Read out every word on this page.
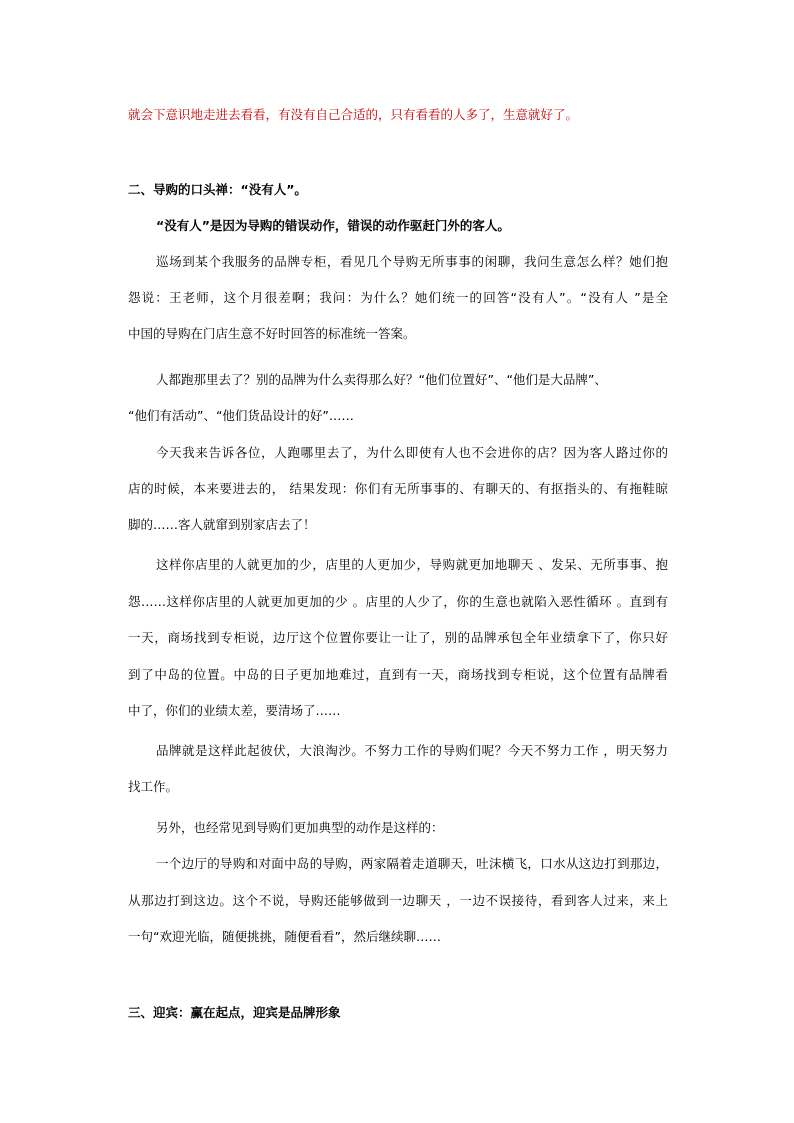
就会下意识地走进去看看，有没有自己合适的，只有看看的人多了，生意就好了。
二、导购的口头禅：“没有人”。
“没有人”是因为导购的错误动作，错误的动作驱赶门外的客人。
巡场到某个我服务的品牌专柜，看见几个导购无所事事的闲聊，我问生意怎么样？她们抱
怨说：王老师，这个月很差啊；我问：为什么？她们统一的回答“没有人”。“没有人 ”是全
中国的导购在门店生意不好时回答的标准统一答案。
人都跑那里去了？别的品牌为什么卖得那么好？“他们位置好”、“他们是大品牌”、
“他们有活动”、“他们货品设计的好”……
今天我来告诉各位，人跑哪里去了，为什么即使有人也不会进你的店？因为客人路过你的
店的时候，本来要进去的， 结果发现：你们有无所事事的、有聊天的、有抠指头的、有拖鞋晾
脚的……客人就窜到别家店去了！
这样你店里的人就更加的少，店里的人更加少，导购就更加地聊天 、发呆、无所事事、抱
怨……这样你店里的人就更加更加的少 。店里的人少了，你的生意也就陷入恶性循环 。直到有
一天，商场找到专柜说，边厅这个位置你要让一让了，别的品牌承包全年业绩拿下了，你只好
到了中岛的位置。中岛的日子更加地难过，直到有一天，商场找到专柜说，这个位置有品牌看
中了，你们的业绩太差，要清场了……
品牌就是这样此起彼伏，大浪淘沙。不努力工作的导购们呢？今天不努力工作 ，明天努力
找工作。
另外，也经常见到导购们更加典型的动作是这样的：
一个边厅的导购和对面中岛的导购，两家隔着走道聊天，吐沫横飞，口水从这边打到那边，
从那边打到这边。这个不说，导购还能够做到一边聊天 ，一边不误接待，看到客人过来，来上
一句“欢迎光临，随便挑挑，随便看看”，然后继续聊……
三、迎宾：赢在起点，迎宾是品牌形象
